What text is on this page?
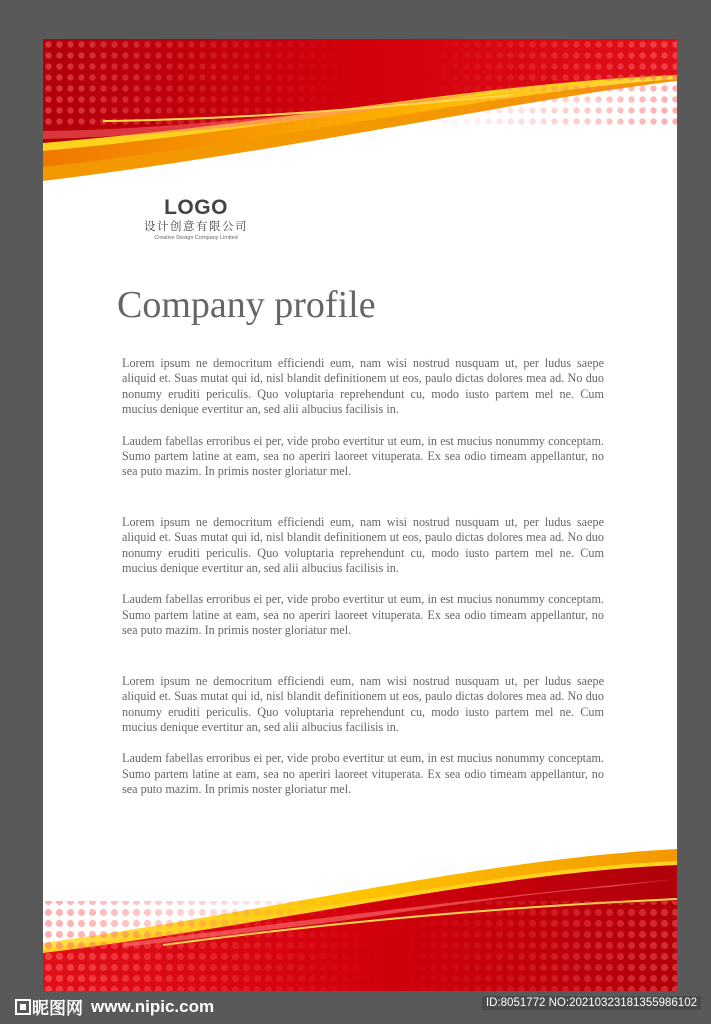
LOGO
设计创意有限公司
Creative Design Company Limited
Company profile

Lorem ipsum ne democritum efficiendi eum, nam wisi nostrud nusquam ut, per ludus saepe aliquid et. Suas mutat qui id, nisl blandit definitionem ut eos, paulo dictas dolores mea ad. No duo nonumy eruditi periculis. Quo voluptaria reprehendunt cu, modo iusto partem mel ne. Cum mucius denique evertitur an, sed alii albucius facilisis in.

Laudem fabellas erroribus ei per, vide probo evertitur ut eum, in est mucius nonummy conceptam. Sumo partem latine at eam, sea no aperiri laoreet vituperata. Ex sea odio timeam appellantur, no sea puto mazim. In primis noster gloriatur mel.

Lorem ipsum ne democritum efficiendi eum, nam wisi nostrud nusquam ut, per ludus saepe aliquid et. Suas mutat qui id, nisl blandit definitionem ut eos, paulo dictas dolores mea ad. No duo nonumy eruditi periculis. Quo voluptaria reprehendunt cu, modo iusto partem mel ne. Cum mucius denique evertitur an, sed alii albucius facilisis in.

Laudem fabellas erroribus ei per, vide probo evertitur ut eum, in est mucius nonummy conceptam. Sumo partem latine at eam, sea no aperiri laoreet vituperata. Ex sea odio timeam appellantur, no sea puto mazim. In primis noster gloriatur mel.

Lorem ipsum ne democritum efficiendi eum, nam wisi nostrud nusquam ut, per ludus saepe aliquid et. Suas mutat qui id, nisl blandit definitionem ut eos, paulo dictas dolores mea ad. No duo nonumy eruditi periculis. Quo voluptaria reprehendunt cu, modo iusto partem mel ne. Cum mucius denique evertitur an, sed alii albucius facilisis in.

Laudem fabellas erroribus ei per, vide probo evertitur ut eum, in est mucius nonummy conceptam. Sumo partem latine at eam, sea no aperiri laoreet vituperata. Ex sea odio timeam appellantur, no sea puto mazim. In primis noster gloriatur mel.

昵图网 www.nipic.com	ID:8051772 NO:20210323181355986102
